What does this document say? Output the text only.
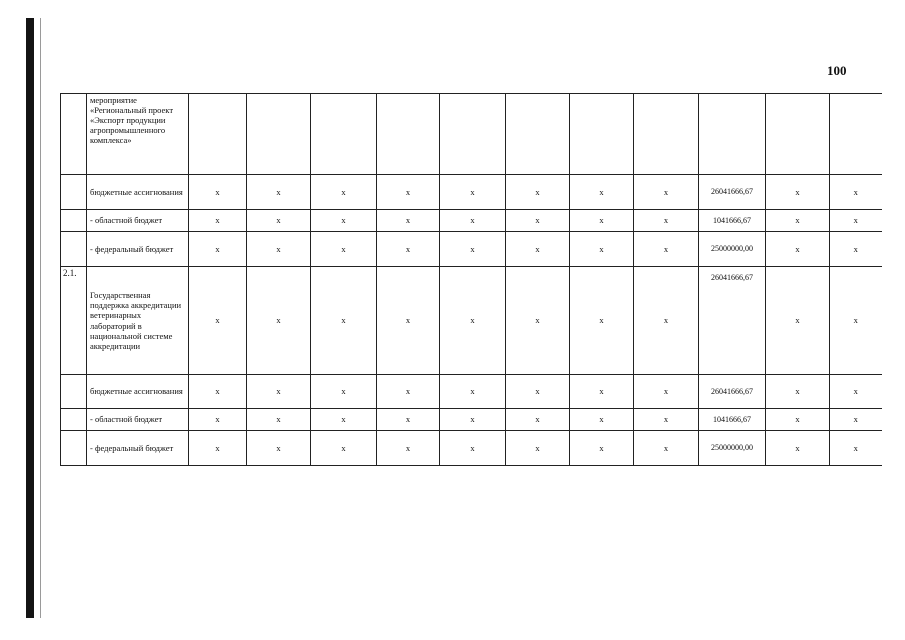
100
	мероприятие «Региональный проект «Экспорт продукции агропромышленного комплекса»											
	бюджетные ассигнования	x	x	x	x	x	x	x	x	26041666,67	x	x
	- областной бюджет	x	x	x	x	x	x	x	x	1041666,67	x	x
	- федеральный бюджет	x	x	x	x	x	x	x	x	25000000,00	x	x
2.1.	Государственная поддержка аккредитации ветеринарных лабораторий в национальной системе аккредитации	x	x	x	x	x	x	x	x	26041666,67	x	x
	бюджетные ассигнования	x	x	x	x	x	x	x	x	26041666,67	x	x
	- областной бюджет	x	x	x	x	x	x	x	x	1041666,67	x	x
	- федеральный бюджет	x	x	x	x	x	x	x	x	25000000,00	x	x
